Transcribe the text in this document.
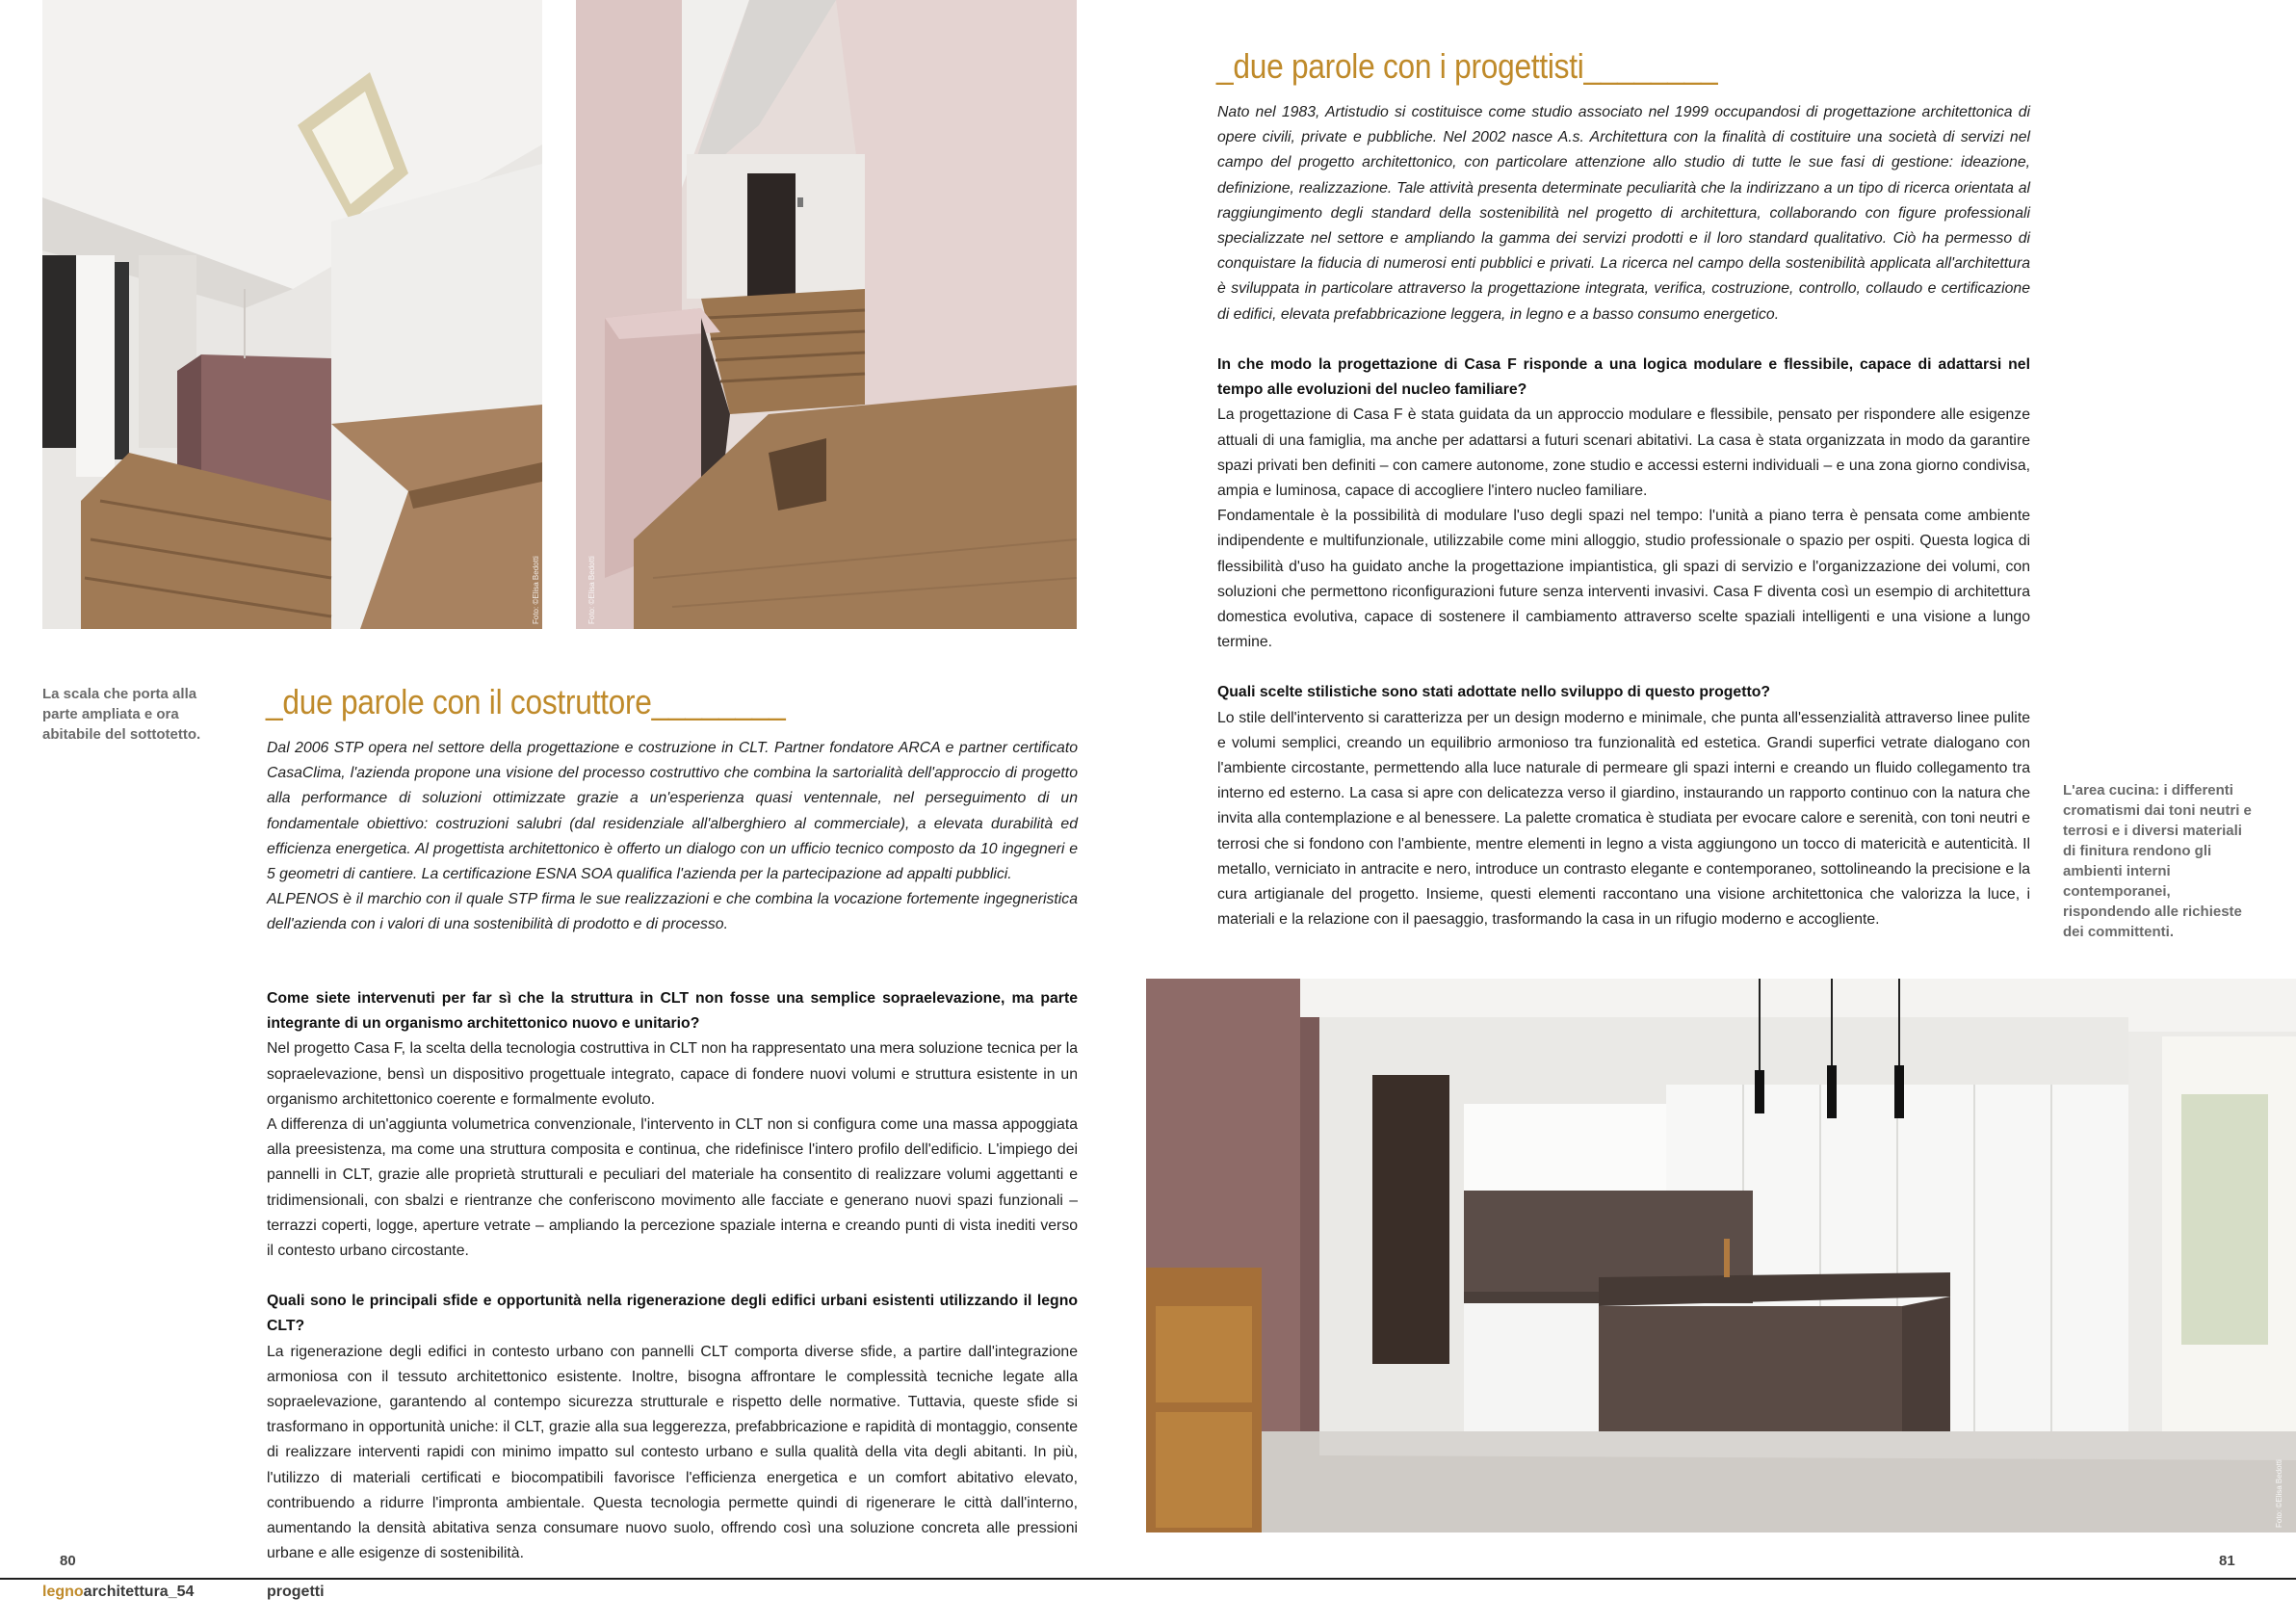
Foto: ©Elisa Bedotti	Foto: ©Elisa Bedotti
_due parole con i progettisti________

Nato nel 1983, Artistudio si costituisce come studio associato nel 1999 occupandosi di progettazione architettonica di opere civili, private e pubbliche. Nel 2002 nasce A.s. Architettura con la finalità di costituire una società di servizi nel campo del progetto architettonico, con particolare attenzione allo studio di tutte le sue fasi di gestione: ideazione, definizione, realizzazione. Tale attività presenta determinate peculiarità che la indirizzano a un tipo di ricerca orientata al raggiungimento degli standard della sostenibilità nel progetto di architettura, collaborando con figure professionali specializzate nel settore e ampliando la gamma dei servizi prodotti e il loro standard qualitativo. Ciò ha permesso di conquistare la fiducia di numerosi enti pubblici e privati. La ricerca nel campo della sostenibilità applicata all'architettura è sviluppata in particolare attraverso la progettazione integrata, verifica, costruzione, controllo, collaudo e certificazione di edifici, elevata prefabbricazione leggera, in legno e a basso consumo energetico.

In che modo la progettazione di Casa F risponde a una logica modulare e flessibile, capace di adattarsi nel tempo alle evoluzioni del nucleo familiare?

La progettazione di Casa F è stata guidata da un approccio modulare e flessibile, pensato per rispondere alle esigenze attuali di una famiglia, ma anche per adattarsi a futuri scenari abitativi. La casa è stata organizzata in modo da garantire spazi privati ben definiti – con camere autonome, zone studio e accessi esterni individuali – e una zona giorno condivisa, ampia e luminosa, capace di accogliere l'intero nucleo familiare.

Fondamentale è la possibilità di modulare l'uso degli spazi nel tempo: l'unità a piano terra è pensata come ambiente indipendente e multifunzionale, utilizzabile come mini alloggio, studio professionale o spazio per ospiti. Questa logica di flessibilità d'uso ha guidato anche la progettazione impiantistica, gli spazi di servizio e l'organizzazione dei volumi, con soluzioni che permettono riconfigurazioni future senza interventi invasivi. Casa F diventa così un esempio di architettura domestica evolutiva, capace di sostenere il cambiamento attraverso scelte spaziali intelligenti e una visione a lungo termine.

Quali scelte stilistiche sono stati adottate nello sviluppo di questo progetto?

Lo stile dell'intervento si caratterizza per un design moderno e minimale, che punta all'essenzialità attraverso linee pulite e volumi semplici, creando un equilibrio armonioso tra funzionalità ed estetica. Grandi superfici vetrate dialogano con l'ambiente circostante, permettendo alla luce naturale di permeare gli spazi interni e creando un fluido collegamento tra interno ed esterno. La casa si apre con delicatezza verso il giardino, instaurando un rapporto continuo con la natura che invita alla contemplazione e al benessere. La palette cromatica è studiata per evocare calore e serenità, con toni neutri e terrosi che si fondono con l'ambiente, mentre elementi in legno a vista aggiungono un tocco di matericità e autenticità. Il metallo, verniciato in antracite e nero, introduce un contrasto elegante e contemporaneo, sottolineando la precisione e la cura artigianale del progetto. Insieme, questi elementi raccontano una visione architettonica che valorizza la luce, i materiali e la relazione con il paesaggio, trasformando la casa in un rifugio moderno e accogliente.

L'area cucina: i differenti cromatismi dai toni neutri e terrosi e i diversi materiali di finitura rendono gli ambienti interni contemporanei, rispondendo alle richieste dei committenti.
La scala che porta alla parte ampliata e ora abitabile del sottotetto.
_due parole con il costruttore________

Dal 2006 STP opera nel settore della progettazione e costruzione in CLT. Partner fondatore ARCA e partner certificato CasaClima, l'azienda propone una visione del processo costruttivo che combina la sartorialità dell'approccio di progetto alla performance di soluzioni ottimizzate grazie a un'esperienza quasi ventennale, nel perseguimento di un fondamentale obiettivo: costruzioni salubri (dal residenziale all'alberghiero al commerciale), a elevata durabilità ed efficienza energetica. Al progettista architettonico è offerto un dialogo con un ufficio tecnico composto da 10 ingegneri e 5 geometri di cantiere. La certificazione ESNA SOA qualifica l'azienda per la partecipazione ad appalti pubblici.

ALPENOS è il marchio con il quale STP firma le sue realizzazioni e che combina la vocazione fortemente ingegneristica dell'azienda con i valori di una sostenibilità di prodotto e di processo.

Come siete intervenuti per far sì che la struttura in CLT non fosse una semplice sopraelevazione, ma parte integrante di un organismo architettonico nuovo e unitario?

Nel progetto Casa F, la scelta della tecnologia costruttiva in CLT non ha rappresentato una mera soluzione tecnica per la sopraelevazione, bensì un dispositivo progettuale integrato, capace di fondere nuovi volumi e struttura esistente in un organismo architettonico coerente e formalmente evoluto.

A differenza di un'aggiunta volumetrica convenzionale, l'intervento in CLT non si configura come una massa appoggiata alla preesistenza, ma come una struttura composita e continua, che ridefinisce l'intero profilo dell'edificio. L'impiego dei pannelli in CLT, grazie alle proprietà strutturali e peculiari del materiale ha consentito di realizzare volumi aggettanti e tridimensionali, con sbalzi e rientranze che conferiscono movimento alle facciate e generano nuovi spazi funzionali – terrazzi coperti, logge, aperture vetrate – ampliando la percezione spaziale interna e creando punti di vista inediti verso il contesto urbano circostante.

Quali sono le principali sfide e opportunità nella rigenerazione degli edifici urbani esistenti utilizzando il legno CLT?

La rigenerazione degli edifici in contesto urbano con pannelli CLT comporta diverse sfide, a partire dall'integrazione armoniosa con il tessuto architettonico esistente. Inoltre, bisogna affrontare le complessità tecniche legate alla sopraelevazione, garantendo al contempo sicurezza strutturale e rispetto delle normative. Tuttavia, queste sfide si trasformano in opportunità uniche: il CLT, grazie alla sua leggerezza, prefabbricazione e rapidità di montaggio, consente di realizzare interventi rapidi con minimo impatto sul contesto urbano e sulla qualità della vita degli abitanti. In più, l'utilizzo di materiali certificati e biocompatibili favorisce l'efficienza energetica e un comfort abitativo elevato, contribuendo a ridurre l'impronta ambientale. Questa tecnologia permette quindi di rigenerare le città dall'interno, aumentando la densità abitativa senza consumare nuovo suolo, offrendo così una soluzione concreta alle pressioni urbane e alle esigenze di sostenibilità.

Foto: ©Elisa Bedotti
80	81
legnoarchitettura_54	progetti
